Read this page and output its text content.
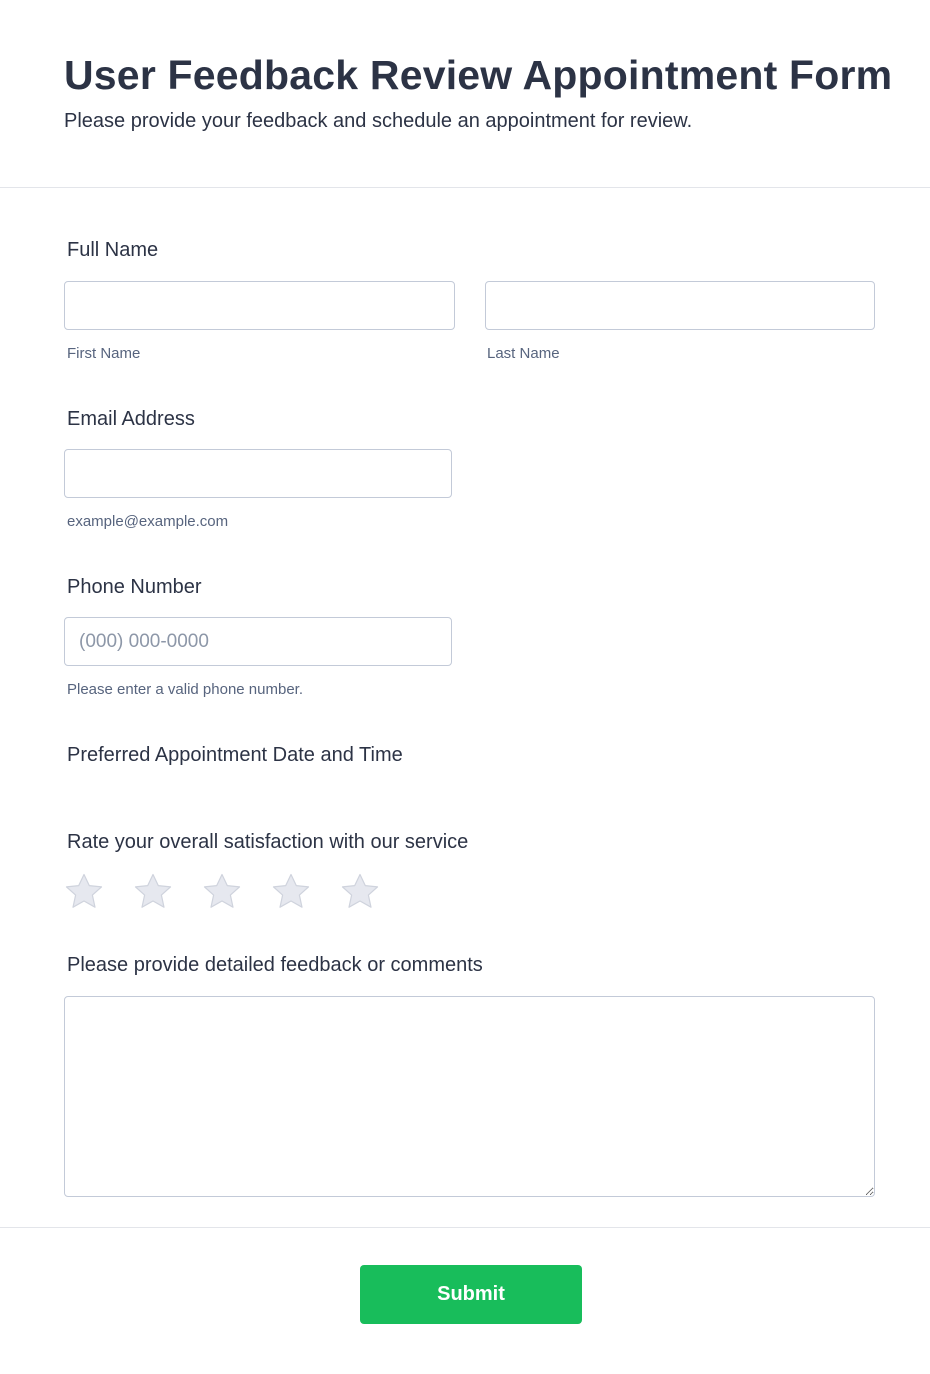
User Feedback Review Appointment Form

Please provide your feedback and schedule an appointment for review.

Full Name
First Name	Last Name
Email Address
example@example.com
Phone Number
(000) 000-0000
Please enter a valid phone number.
Preferred Appointment Date and Time
Rate your overall satisfaction with our service
Please provide detailed feedback or comments
Submit
